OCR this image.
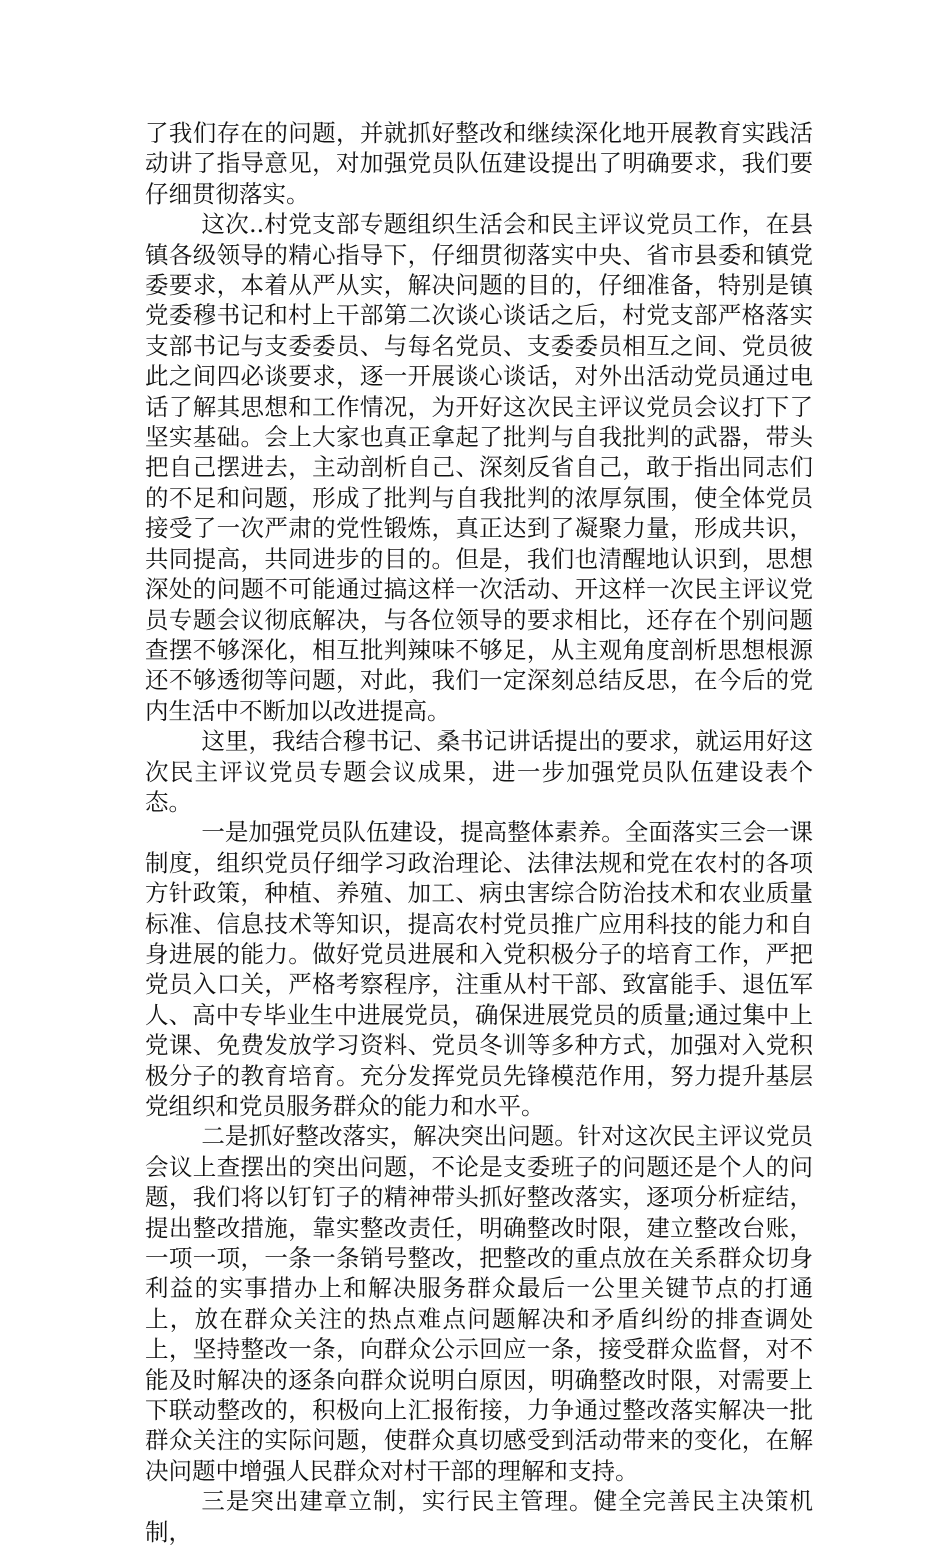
了我们存在的问题，并就抓好整改和继续深化地开展教育实践活动讲了指导意见，对加强党员队伍建设提出了明确要求，我们要仔细贯彻落实。

这次..村党支部专题组织生活会和民主评议党员工作，在县镇各级领导的精心指导下，仔细贯彻落实中央、省市县委和镇党委要求，本着从严从实，解决问题的目的，仔细准备，特别是镇党委穆书记和村上干部第二次谈心谈话之后，村党支部严格落实支部书记与支委委员、与每名党员、支委委员相互之间、党员彼此之间四必谈要求，逐一开展谈心谈话，对外出活动党员通过电话了解其思想和工作情况，为开好这次民主评议党员会议打下了坚实基础。会上大家也真正拿起了批判与自我批判的武器，带头把自己摆进去，主动剖析自己、深刻反省自己，敢于指出同志们的不足和问题，形成了批判与自我批判的浓厚氛围，使全体党员接受了一次严肃的党性锻炼，真正达到了凝聚力量，形成共识，共同提高，共同进步的目的。但是，我们也清醒地认识到，思想深处的问题不可能通过搞这样一次活动、开这样一次民主评议党员专题会议彻底解决，与各位领导的要求相比，还存在个别问题查摆不够深化，相互批判辣味不够足，从主观角度剖析思想根源还不够透彻等问题，对此，我们一定深刻总结反思，在今后的党内生活中不断加以改进提高。

这里，我结合穆书记、桑书记讲话提出的要求，就运用好这次民主评议党员专题会议成果，进一步加强党员队伍建设表个态。

一是加强党员队伍建设，提高整体素养。全面落实三会一课制度，组织党员仔细学习政治理论、法律法规和党在农村的各项方针政策，种植、养殖、加工、病虫害综合防治技术和农业质量标准、信息技术等知识，提高农村党员推广应用科技的能力和自身进展的能力。做好党员进展和入党积极分子的培育工作，严把党员入口关，严格考察程序，注重从村干部、致富能手、退伍军人、高中专毕业生中进展党员，确保进展党员的质量;通过集中上党课、免费发放学习资料、党员冬训等多种方式，加强对入党积极分子的教育培育。充分发挥党员先锋模范作用，努力提升基层党组织和党员服务群众的能力和水平。

二是抓好整改落实，解决突出问题。针对这次民主评议党员会议上查摆出的突出问题，不论是支委班子的问题还是个人的问题，我们将以钉钉子的精神带头抓好整改落实，逐项分析症结，提出整改措施，靠实整改责任，明确整改时限，建立整改台账，一项一项，一条一条销号整改，把整改的重点放在关系群众切身利益的实事措办上和解决服务群众最后一公里关键节点的打通上，放在群众关注的热点难点问题解决和矛盾纠纷的排查调处上，坚持整改一条，向群众公示回应一条，接受群众监督，对不能及时解决的逐条向群众说明白原因，明确整改时限，对需要上下联动整改的，积极向上汇报衔接，力争通过整改落实解决一批群众关注的实际问题，使群众真切感受到活动带来的变化，在解决问题中增强人民群众对村干部的理解和支持。

三是突出建章立制，实行民主管理。健全完善民主决策机制，
